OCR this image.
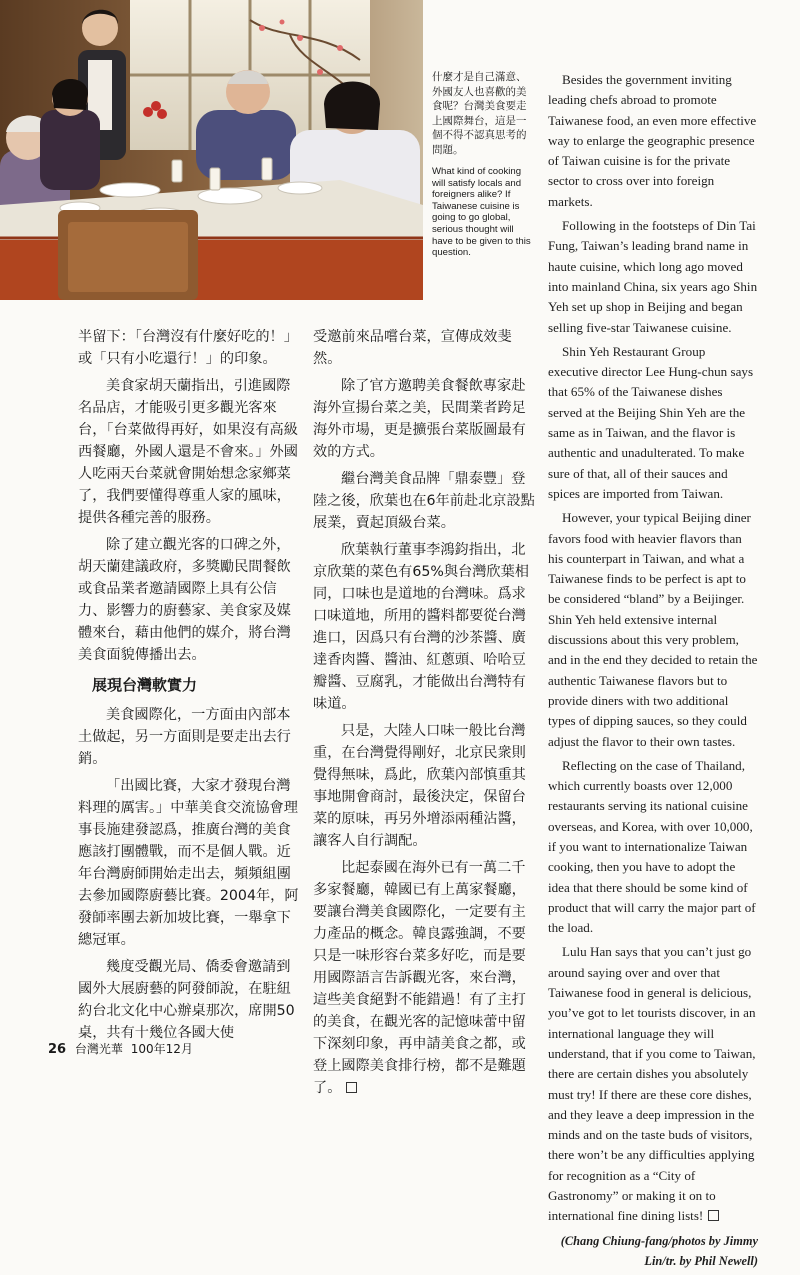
什麼才是自己滿意、外國友人也喜歡的美食呢？台灣美食要走上國際舞台，這是一個不得不認真思考的問題。

What kind of cooking will satisfy locals and foreigners alike? If Taiwanese cuisine is going to go global, serious thought will have to be given to this question.

半留下：「台灣沒有什麼好吃的！」或「只有小吃還行！」的印象。

美食家胡天蘭指出，引進國際名品店，才能吸引更多觀光客來台，「台菜做得再好，如果沒有高級西餐廳，外國人還是不會來。」外國人吃兩天台菜就會開始想念家鄉菜了，我們要懂得尊重人家的風味，提供各種完善的服務。

除了建立觀光客的口碑之外，胡天蘭建議政府，多獎勵民間餐飲或食品業者邀請國際上具有公信力、影響力的廚藝家、美食家及媒體來台，藉由他們的媒介，將台灣美食面貌傳播出去。

展現台灣軟實力

美食國際化，一方面由內部本土做起，另一方面則是要走出去行銷。

「出國比賽，大家才發現台灣料理的厲害。」中華美食交流協會理事長施建發認爲，推廣台灣的美食應該打團體戰，而不是個人戰。近年台灣廚師開始走出去，頻頻組團去參加國際廚藝比賽。2004年，阿發師率團去新加坡比賽，一舉拿下總冠軍。

幾度受觀光局、僑委會邀請到國外大展廚藝的阿發師說，在駐紐約台北文化中心辦桌那次，席開50桌，共有十幾位各國大使

受邀前來品嚐台菜，宣傳成效斐然。

除了官方邀聘美食餐飲專家赴海外宣揚台菜之美，民間業者跨足海外市場，更是擴張台菜版圖最有效的方式。

繼台灣美食品牌「鼎泰豐」登陸之後，欣葉也在6年前赴北京設點展業，賣起頂級台菜。

欣葉執行董事李鴻鈞指出，北京欣葉的菜色有65%與台灣欣葉相同，口味也是道地的台灣味。爲求口味道地，所用的醬料都要從台灣進口，因爲只有台灣的沙茶醬、廣達香肉醬、醬油、紅蔥頭、哈哈豆瓣醬、豆腐乳，才能做出台灣特有味道。

只是，大陸人口味一般比台灣重，在台灣覺得剛好，北京民衆則覺得無味，爲此，欣葉內部慎重其事地開會商討，最後決定，保留台菜的原味，再另外增添兩種沾醬，讓客人自行調配。

比起泰國在海外已有一萬二千多家餐廳，韓國已有上萬家餐廳，要讓台灣美食國際化，一定要有主力產品的概念。韓良露強調，不要只是一味形容台菜多好吃，而是要用國際語言告訴觀光客，來台灣，這些美食絕對不能錯過！有了主打的美食，在觀光客的記憶味蕾中留下深刻印象，再申請美食之都，或登上國際美食排行榜，都不是難題了。

Besides the government inviting leading chefs abroad to promote Taiwanese food, an even more effective way to enlarge the geographic presence of Taiwan cuisine is for the private sector to cross over into foreign markets.

Following in the footsteps of Din Tai Fung, Taiwan’s leading brand name in haute cuisine, which long ago moved into mainland China, six years ago Shin Yeh set up shop in Beijing and began selling five-star Taiwanese cuisine.

Shin Yeh Restaurant Group executive director Lee Hung-chun says that 65% of the Taiwanese dishes served at the Beijing Shin Yeh are the same as in Taiwan, and the flavor is authentic and unadulterated. To make sure of that, all of their sauces and spices are imported from Taiwan.

However, your typical Beijing diner favors food with heavier flavors than his counterpart in Taiwan, and what a Taiwanese finds to be perfect is apt to be considered “bland” by a Beijinger. Shin Yeh held extensive internal discussions about this very problem, and in the end they decided to retain the authentic Taiwanese flavors but to provide diners with two additional types of dipping sauces, so they could adjust the flavor to their own tastes.

Reflecting on the case of Thailand, which currently boasts over 12,000 restaurants serving its national cuisine overseas, and Korea, with over 10,000, if you want to internationalize Taiwan cooking, then you have to adopt the idea that there should be some kind of product that will carry the major part of the load.

Lulu Han says that you can’t just go around saying over and over that Taiwanese food in general is delicious, you’ve got to let tourists discover, in an international language they will understand, that if you come to Taiwan, there are certain dishes you absolutely must try! If there are these core dishes, and they leave a deep impression in the minds and on the taste buds of visitors, there won’t be any difficulties applying for recognition as a “City of Gastronomy” or making it on to international fine dining lists!

(Chang Chiung-fang/photos by Jimmy Lin/tr. by Phil Newell)

26 台灣光華 100年12月
